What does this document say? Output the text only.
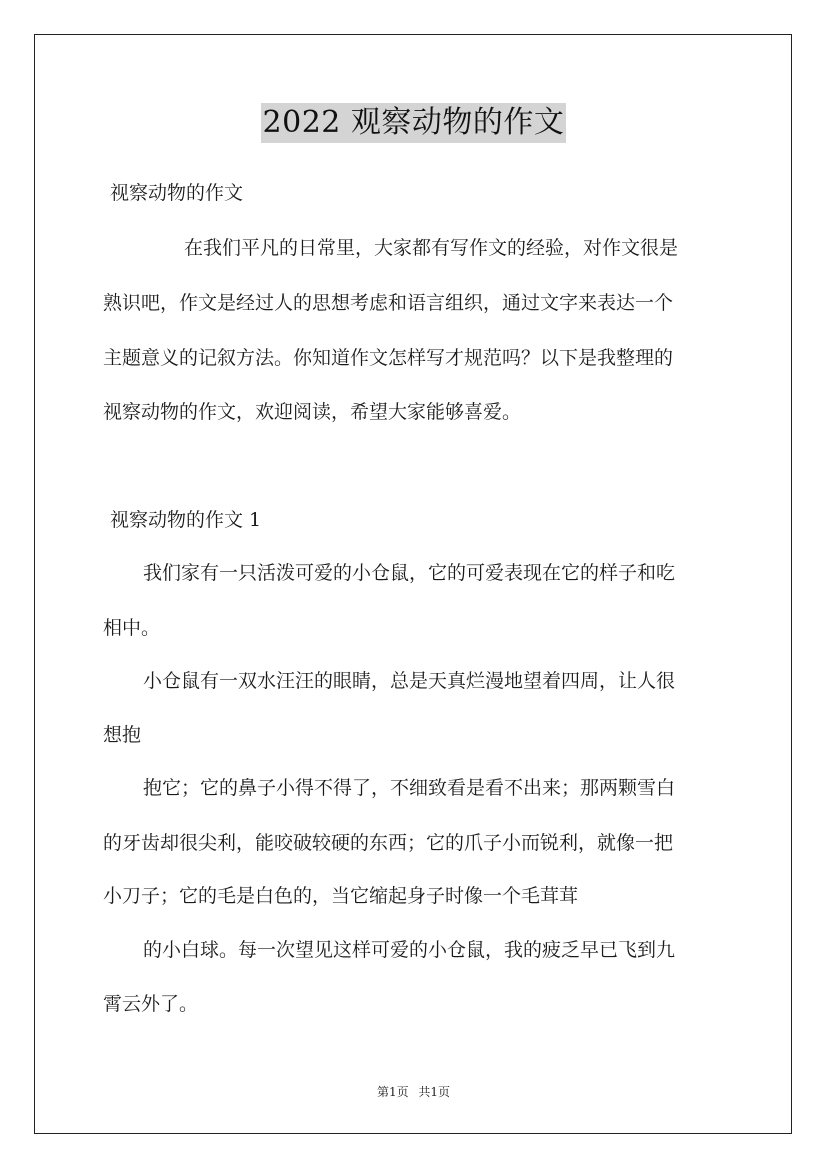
2022 观察动物的作文
视察动物的作文
在我们平凡的日常里，大家都有写作文的经验，对作文很是
熟识吧，作文是经过人的思想考虑和语言组织，通过文字来表达一个
主题意义的记叙方法。你知道作文怎样写才规范吗？以下是我整理的
视察动物的作文，欢迎阅读，希望大家能够喜爱。
视察动物的作文 1
我们家有一只活泼可爱的小仓鼠，它的可爱表现在它的样子和吃
相中。
小仓鼠有一双水汪汪的眼睛，总是天真烂漫地望着四周，让人很
想抱
抱它；它的鼻子小得不得了，不细致看是看不出来；那两颗雪白
的牙齿却很尖利，能咬破较硬的东西；它的爪子小而锐利，就像一把
小刀子；它的毛是白色的，当它缩起身子时像一个毛茸茸
的小白球。每一次望见这样可爱的小仓鼠，我的疲乏早已飞到九
霄云外了。
第1页 共1页
